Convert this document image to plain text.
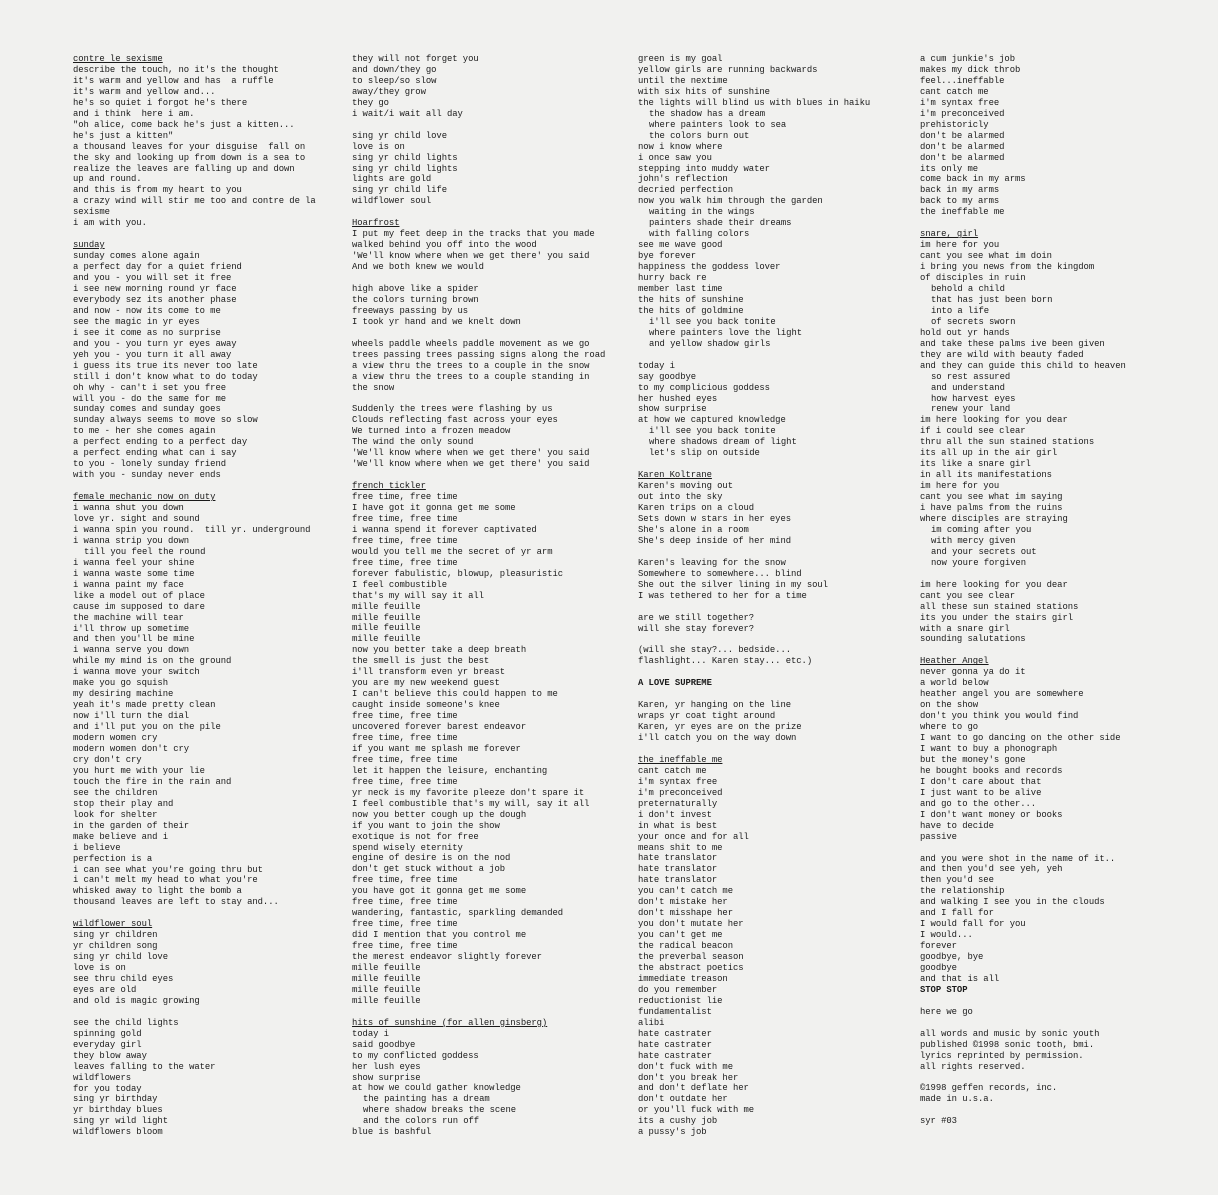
contre le sexisme
describe the touch, no it's the thought
it's warm and yellow and has  a ruffle
it's warm and yellow and...
he's so quiet i forgot he's there
and i think  here i am.
"oh alice, come back he's just a kitten...
he's just a kitten"
a thousand leaves for your disguise  fall on
the sky and looking up from down is a sea to
realize the leaves are falling up and down
up and round.
and this is from my heart to you
a crazy wind will stir me too and contre de la
sexisme
i am with you.
sunday
sunday comes alone again
a perfect day for a quiet friend
and you - you will set it free
i see new morning round yr face
everybody sez its another phase
and now - now its come to me
see the magic in yr eyes
i see it come as no surprise
and you - you turn yr eyes away
yeh you - you turn it all away
i guess its true its never too late
still i don't know what to do today
oh why - can't i set you free
will you - do the same for me
sunday comes and sunday goes
sunday always seems to move so slow
to me - her she comes again
a perfect ending to a perfect day
a perfect ending what can i say
to you - lonely sunday friend
with you - sunday never ends
female mechanic now on duty
i wanna shut you down
love yr. sight and sound
i wanna spin you round.  till yr. underground
i wanna strip you down
till you feel the round
i wanna feel your shine
i wanna waste some time
i wanna paint my face
like a model out of place
cause im supposed to dare
the machine will tear
i'll throw up sometime
and then you'll be mine
i wanna serve you down
while my mind is on the ground
i wanna move your switch
make you go squish
my desiring machine
yeah it's made pretty clean
now i'll turn the dial
and i'll put you on the pile
modern women cry
modern women don't cry
cry don't cry
you hurt me with your lie
touch the fire in the rain and
see the children
stop their play and
look for shelter
in the garden of their
make believe and i
i believe
perfection is a
i can see what you're going thru but
i can't melt my head to what you're
whisked away to light the bomb a
thousand leaves are left to stay and...
wildflower soul
sing yr children
yr children song
sing yr child love
love is on
see thru child eyes
eyes are old
and old is magic growing
see the child lights
spinning gold
everyday girl
they blow away
leaves falling to the water
wildflowers
for you today
sing yr birthday
yr birthday blues
sing yr wild light
wildflowers bloom
they will not forget you
and down/they go
to sleep/so slow
away/they grow
they go
i wait/i wait all day
sing yr child love
love is on
sing yr child lights
sing yr child lights
lights are gold
sing yr child life
wildflower soul
Hoarfrost
I put my feet deep in the tracks that you made
walked behind you off into the wood
'We'll know where when we get there' you said
And we both knew we would
high above like a spider
the colors turning brown
freeways passing by us
I took yr hand and we knelt down
wheels paddle wheels paddle movement as we go
trees passing trees passing signs along the road
a view thru the trees to a couple in the snow
a view thru the trees to a couple standing in
the snow
Suddenly the trees were flashing by us
Clouds reflecting fast across your eyes
We turned into a frozen meadow
The wind the only sound
'We'll know where when we get there' you said
'We'll know where when we get there' you said
french tickler
free time, free time
I have got it gonna get me some
free time, free time
i wanna spend it forever captivated
free time, free time
would you tell me the secret of yr arm
free time, free time
forever fabulistic, blowup, pleasuristic
I feel combustible
that's my will say it all
mille feuille
mille feuille
mille feuille
mille feuille
now you better take a deep breath
the smell is just the best
i'll transform even yr breast
you are my new weekend guest
I can't believe this could happen to me
caught inside someone's knee
free time, free time
uncovered forever barest endeavor
free time, free time
if you want me splash me forever
free time, free time
let it happen the leisure, enchanting
free time, free time
yr neck is my favorite pleeze don't spare it
I feel combustible that's my will, say it all
now you better cough up the dough
if you want to join the show
exotique is not for free
spend wisely eternity
engine of desire is on the nod
don't get stuck without a job
free time, free time
you have got it gonna get me some
free time, free time
wandering, fantastic, sparkling demanded
free time, free time
did I mention that you control me
free time, free time
the merest endeavor slightly forever
mille feuille
mille feuille
mille feuille
mille feuille
hits of sunshine (for allen ginsberg)
today i
said goodbye
to my conflicted goddess
her lush eyes
show surprise
at how we could gather knowledge
the painting has a dream
where shadow breaks the scene
and the colors run off
blue is bashful
green is my goal
yellow girls are running backwards
until the nextime
with six hits of sunshine
the lights will blind us with blues in haiku
the shadow has a dream
where painters look to sea
the colors burn out
now i know where
i once saw you
stepping into muddy water
john's reflection
decried perfection
now you walk him through the garden
waiting in the wings
painters shade their dreams
with falling colors
see me wave good
bye forever
happiness the goddess lover
hurry back re
member last time
the hits of sunshine
the hits of goldmine
i'll see you back tonite
where painters love the light
and yellow shadow girls
today i
say goodbye
to my complicious goddess
her hushed eyes
show surprise
at how we captured knowledge
i'll see you back tonite
where shadows dream of light
let's slip on outside
Karen Koltrane
Karen's moving out
out into the sky
Karen trips on a cloud
Sets down w stars in her eyes
She's alone in a room
She's deep inside of her mind
Karen's leaving for the snow
Somewhere to somewhere... blind
She out the silver lining in my soul
I was tethered to her for a time
are we still together?
will she stay forever?
(will she stay?... bedside...
flashlight... Karen stay... etc.)
A LOVE SUPREME
Karen, yr hanging on the line
wraps yr coat tight around
Karen, yr eyes are on the prize
i'll catch you on the way down
the ineffable me
cant catch me
i'm syntax free
i'm preconceived
preternaturally
i don't invest
in what is best
your once and for all
means shit to me
hate translator
hate translator
hate translator
you can't catch me
don't mistake her
don't misshape her
you don't mutate her
you can't get me
the radical beacon
the preverbal season
the abstract poetics
immediate treason
do you remember
reductionist lie
fundamentalist
alibi
hate castrater
hate castrater
hate castrater
don't fuck with me
don't you break her
and don't deflate her
don't outdate her
or you'll fuck with me
its a cushy job
a pussy's job
a cum junkie's job
makes my dick throb
feel...ineffable
cant catch me
i'm syntax free
i'm preconceived
prehistoricly
don't be alarmed
don't be alarmed
don't be alarmed
its only me
come back in my arms
back in my arms
back to my arms
the ineffable me
snare, girl
im here for you
cant you see what im doin
i bring you news from the kingdom
of disciples in ruin
behold a child
that has just been born
into a life
of secrets sworn
hold out yr hands
and take these palms ive been given
they are wild with beauty faded
and they can guide this child to heaven
so rest assured
and understand
how harvest eyes
renew your land
im here looking for you dear
if i could see clear
thru all the sun stained stations
its all up in the air girl
its like a snare girl
in all its manifestations
im here for you
cant you see what im saying
i have palms from the ruins
where disciples are straying
im coming after you
with mercy given
and your secrets out
now youre forgiven
im here looking for you dear
cant you see clear
all these sun stained stations
its you under the stairs girl
with a snare girl
sounding salutations
Heather Angel
never gonna ya do it
a world below
heather angel you are somewhere
on the show
don't you think you would find
where to go
I want to go dancing on the other side
I want to buy a phonograph
but the money's gone
he bought books and records
I don't care about that
I just want to be alive
and go to the other...
I don't want money or books
have to decide
passive
and you were shot in the name of it..
and then you'd see yeh, yeh
then you'd see
the relationship
and walking I see you in the clouds
and I fall for
I would fall for you
I would...
forever
goodbye, bye
goodbye
and that is all
STOP STOP
here we go
all words and music by sonic youth
published ©1998 sonic tooth, bmi.
lyrics reprinted by permission.
all rights reserved.
©1998 geffen records, inc.
made in u.s.a.
syr #03
